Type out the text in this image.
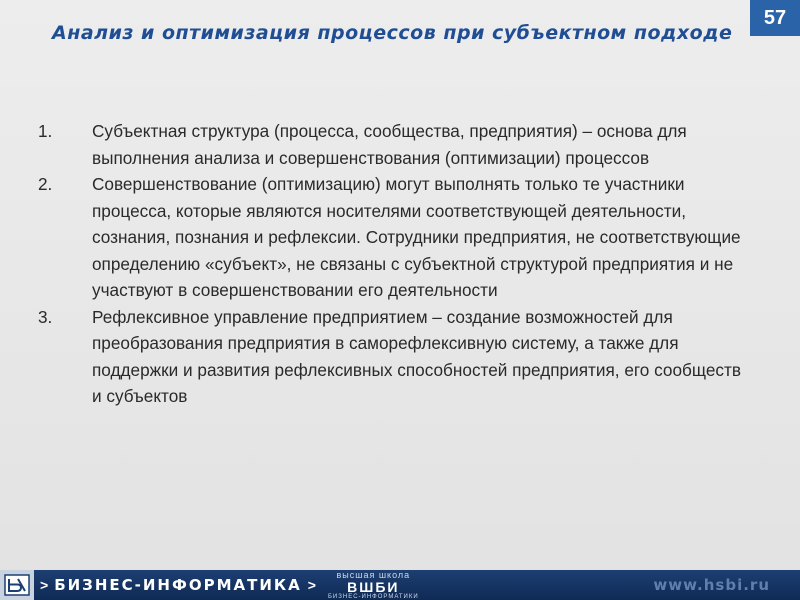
57
Анализ и оптимизация процессов при субъектном подходе
1. Субъектная структура (процесса, сообщества, предприятия) – основа для выполнения анализа и совершенствования (оптимизации) процессов
2. Совершенствование (оптимизацию) могут выполнять только те участники процесса, которые являются носителями соответствующей деятельности, сознания, познания и рефлексии. Сотрудники предприятия, не соответствующие определению «субъект», не связаны с субъектной структурой предприятия и не участвуют в совершенствовании его деятельности
3. Рефлексивное управление предприятием – создание возможностей для преобразования предприятия в саморефлексивную систему, а также для поддержки и развития рефлексивных способностей предприятия, его сообществ и субъектов
> БИЗНЕС-ИНФОРМАТИКА >
высшая школа
ВШБИ
БИЗНЕС-ИНФОРМАТИКИ
www.hsbi.ru
